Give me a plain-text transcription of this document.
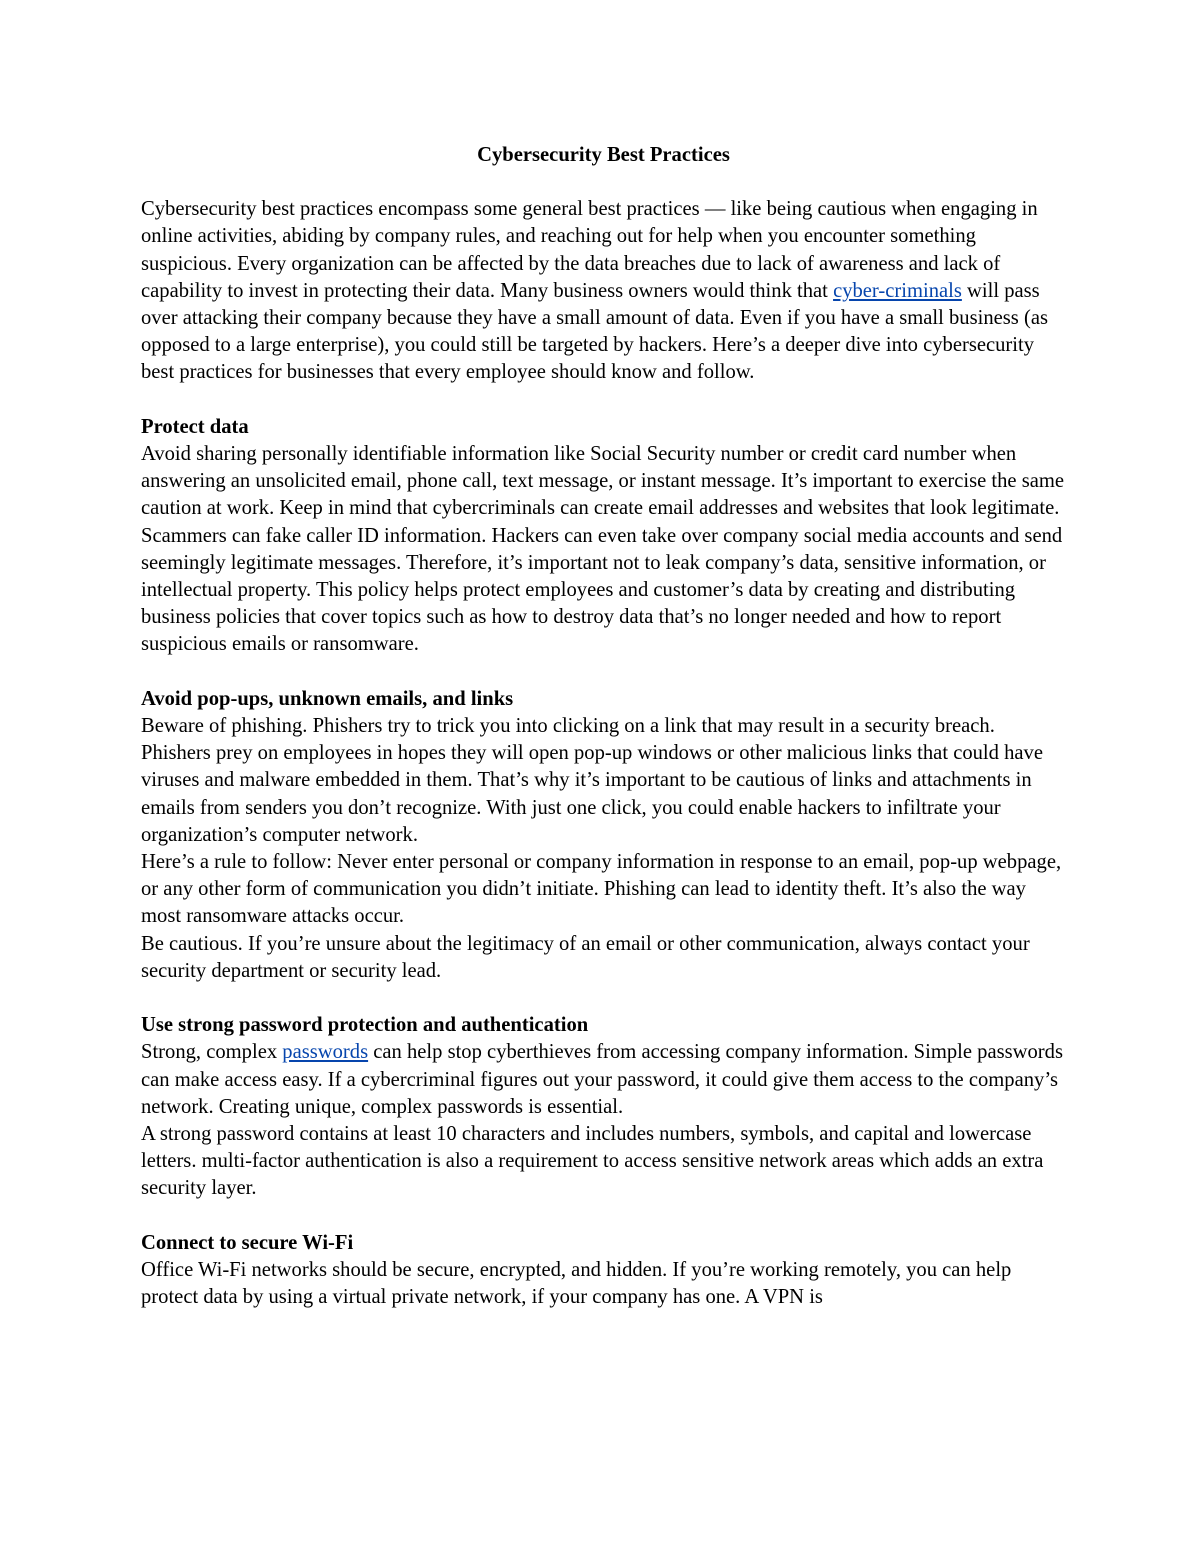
Cybersecurity Best Practices

Cybersecurity best practices encompass some general best practices — like being cautious when engaging in online activities, abiding by company rules, and reaching out for help when you encounter something suspicious. Every organization can be affected by the data breaches due to lack of awareness and lack of capability to invest in protecting their data. Many business owners would think that cyber-criminals will pass over attacking their company because they have a small amount of data. Even if you have a small business (as opposed to a large enterprise), you could still be targeted by hackers. Here’s a deeper dive into cybersecurity best practices for businesses that every employee should know and follow.

Protect data

Avoid sharing personally identifiable information like Social Security number or credit card number when answering an unsolicited email, phone call, text message, or instant message. It’s important to exercise the same caution at work. Keep in mind that cybercriminals can create email addresses and websites that look legitimate. Scammers can fake caller ID information. Hackers can even take over company social media accounts and send seemingly legitimate messages. Therefore, it’s important not to leak company’s data, sensitive information, or intellectual property. This policy helps protect employees and customer’s data by creating and distributing business policies that cover topics such as how to destroy data that’s no longer needed and how to report suspicious emails or ransomware.

Avoid pop-ups, unknown emails, and links

Beware of phishing. Phishers try to trick you into clicking on a link that may result in a security breach. Phishers prey on employees in hopes they will open pop-up windows or other malicious links that could have viruses and malware embedded in them. That’s why it’s important to be cautious of links and attachments in emails from senders you don’t recognize. With just one click, you could enable hackers to infiltrate your organization’s computer network.

Here’s a rule to follow: Never enter personal or company information in response to an email, pop-up webpage, or any other form of communication you didn’t initiate. Phishing can lead to identity theft. It’s also the way most ransomware attacks occur.

Be cautious. If you’re unsure about the legitimacy of an email or other communication, always contact your security department or security lead.

Use strong password protection and authentication

Strong, complex passwords can help stop cyberthieves from accessing company information. Simple passwords can make access easy. If a cybercriminal figures out your password, it could give them access to the company’s network. Creating unique, complex passwords is essential.

A strong password contains at least 10 characters and includes numbers, symbols, and capital and lowercase letters. multi-factor authentication is also a requirement to access sensitive network areas which adds an extra security layer.

Connect to secure Wi-Fi

Office Wi-Fi networks should be secure, encrypted, and hidden. If you’re working remotely, you can help protect data by using a virtual private network, if your company has one. A VPN is
